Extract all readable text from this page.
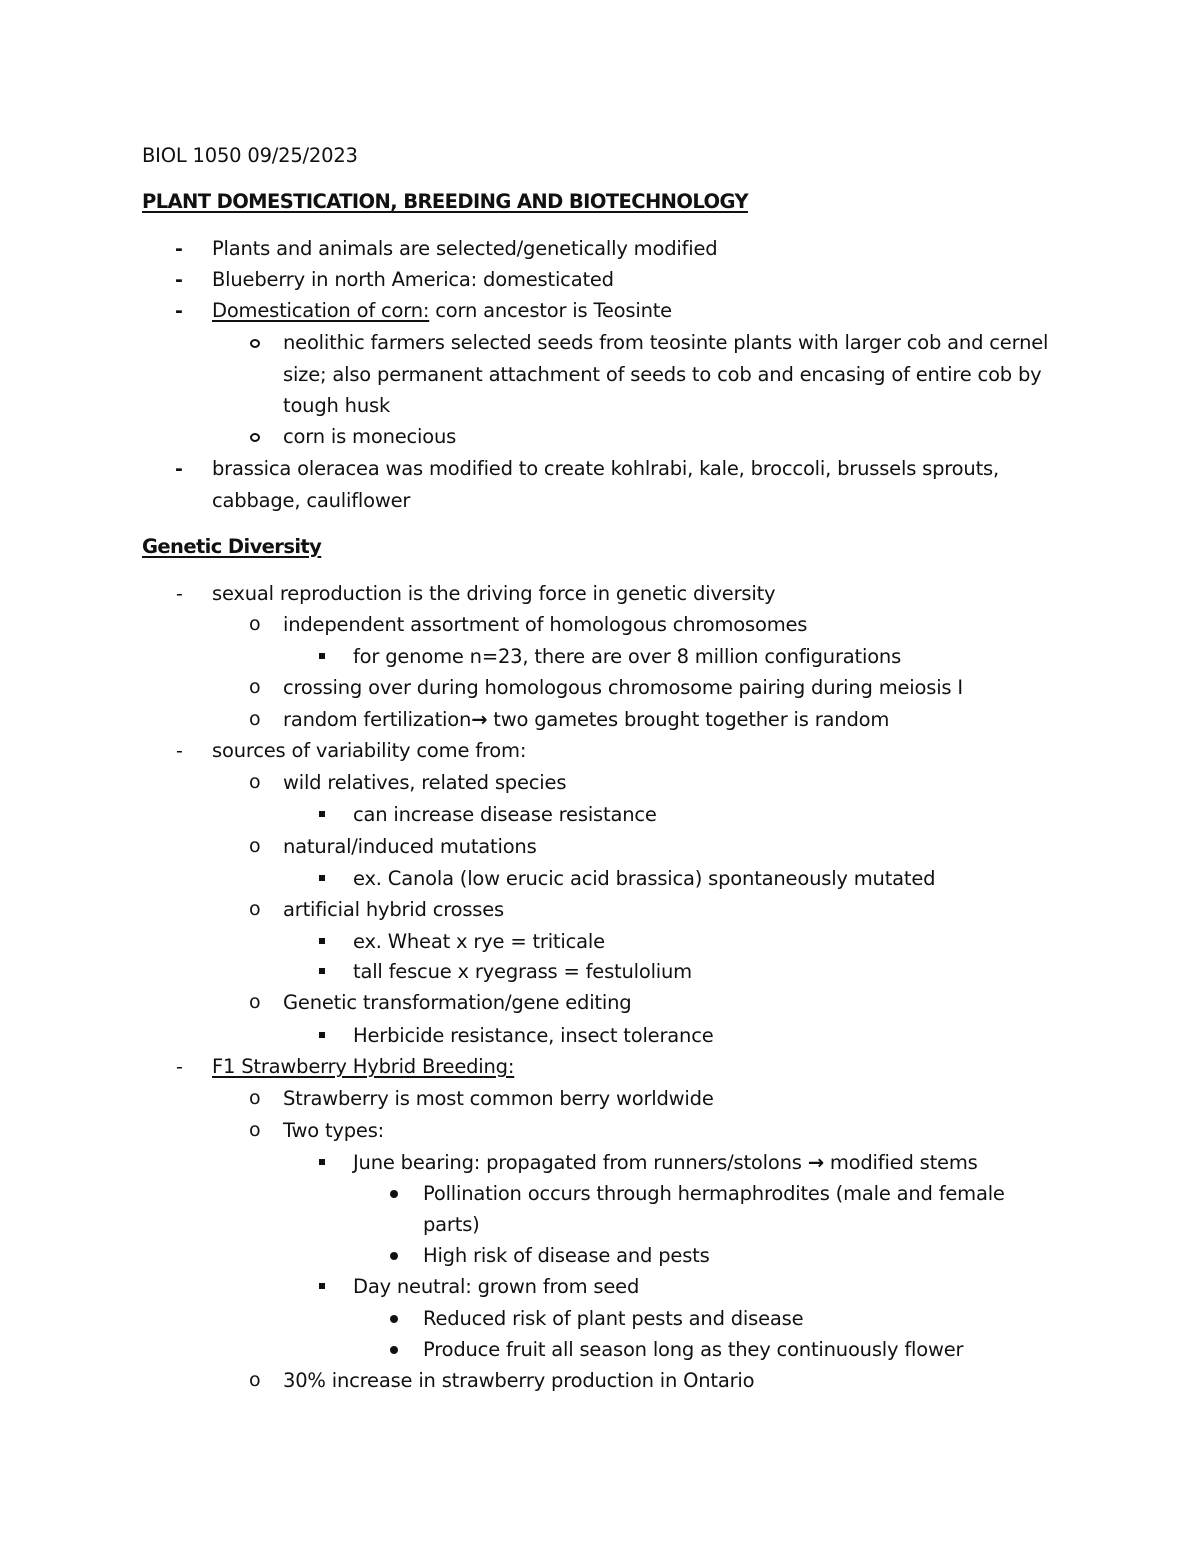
BIOL 1050 09/25/2023
PLANT DOMESTICATION, BREEDING AND BIOTECHNOLOGY
- Plants and animals are selected/genetically modified
- Blueberry in north America: domesticated
- Domestication of corn: corn ancestor is Teosinte
neolithic farmers selected seeds from teosinte plants with larger cob and cernel
size; also permanent attachment of seeds to cob and encasing of entire cob by
tough husk
corn is monecious
- brassica oleracea was modified to create kohlrabi, kale, broccoli, brussels sprouts,
cabbage, cauliflower
Genetic Diversity
- sexual reproduction is the driving force in genetic diversity
o independent assortment of homologous chromosomes
for genome n=23, there are over 8 million configurations
o crossing over during homologous chromosome pairing during meiosis I
o random fertilization→ two gametes brought together is random
- sources of variability come from:
o wild relatives, related species
can increase disease resistance
o natural/induced mutations
ex. Canola (low erucic acid brassica) spontaneously mutated
o artificial hybrid crosses
ex. Wheat x rye = triticale
tall fescue x ryegrass = festulolium
o Genetic transformation/gene editing
Herbicide resistance, insect tolerance
- F1 Strawberry Hybrid Breeding:
o Strawberry is most common berry worldwide
o Two types:
June bearing: propagated from runners/stolons → modified stems
Pollination occurs through hermaphrodites (male and female
parts)
High risk of disease and pests
Day neutral: grown from seed
Reduced risk of plant pests and disease
Produce fruit all season long as they continuously flower
o 30% increase in strawberry production in Ontario
